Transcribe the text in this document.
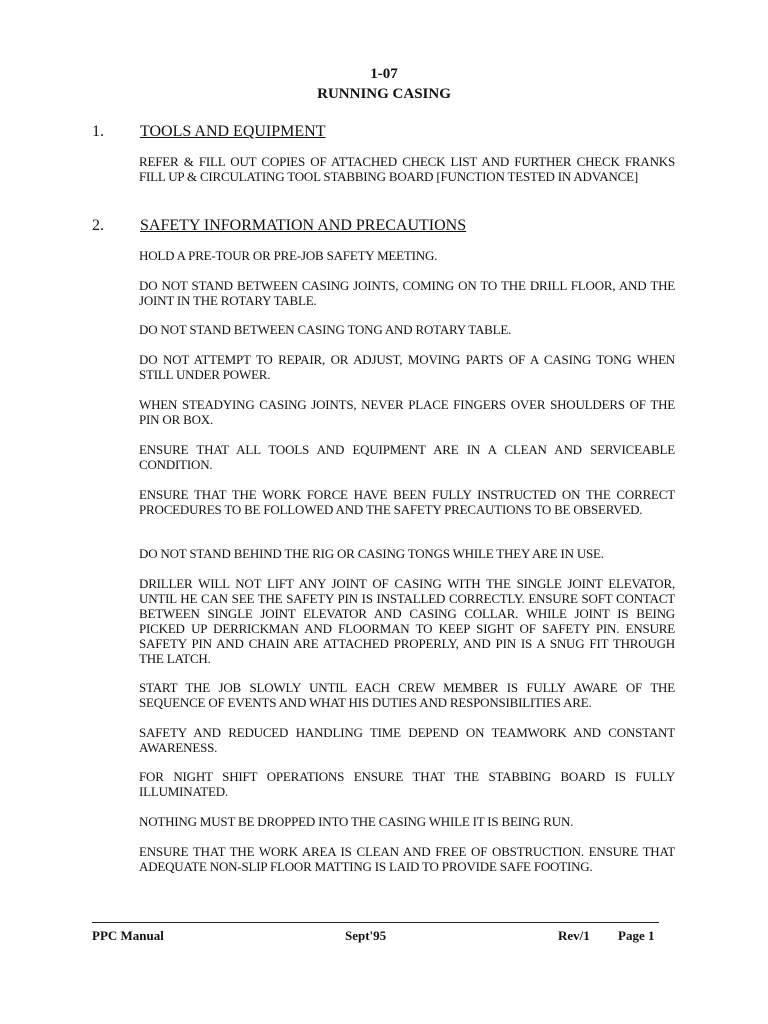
1-07
RUNNING CASING
1. TOOLS AND EQUIPMENT
REFER & FILL OUT COPIES OF ATTACHED CHECK LIST AND FURTHER CHECK FRANKS FILL UP & CIRCULATING TOOL STABBING BOARD [FUNCTION TESTED IN ADVANCE]
2. SAFETY INFORMATION AND PRECAUTIONS
HOLD A PRE-TOUR OR PRE-JOB SAFETY MEETING.
DO NOT STAND BETWEEN CASING JOINTS, COMING ON TO THE DRILL FLOOR, AND THE JOINT IN THE ROTARY TABLE.
DO NOT STAND BETWEEN CASING TONG AND ROTARY TABLE.
DO NOT ATTEMPT TO REPAIR, OR ADJUST, MOVING PARTS OF A CASING TONG WHEN STILL UNDER POWER.
WHEN STEADYING CASING JOINTS, NEVER PLACE FINGERS OVER SHOULDERS OF THE PIN OR BOX.
ENSURE THAT ALL TOOLS AND EQUIPMENT ARE IN A CLEAN AND SERVICEABLE CONDITION.
ENSURE THAT THE WORK FORCE HAVE BEEN FULLY INSTRUCTED ON THE CORRECT PROCEDURES TO BE FOLLOWED AND THE SAFETY PRECAUTIONS TO BE OBSERVED.
DO NOT STAND BEHIND THE RIG OR CASING TONGS WHILE THEY ARE IN USE.
DRILLER WILL NOT LIFT ANY JOINT OF CASING WITH THE SINGLE JOINT ELEVATOR, UNTIL HE CAN SEE THE SAFETY PIN IS INSTALLED CORRECTLY. ENSURE SOFT CONTACT BETWEEN SINGLE JOINT ELEVATOR AND CASING COLLAR. WHILE JOINT IS BEING PICKED UP DERRICKMAN AND FLOORMAN TO KEEP SIGHT OF SAFETY PIN. ENSURE SAFETY PIN AND CHAIN ARE ATTACHED PROPERLY, AND PIN IS A SNUG FIT THROUGH THE LATCH.
START THE JOB SLOWLY UNTIL EACH CREW MEMBER IS FULLY AWARE OF THE SEQUENCE OF EVENTS AND WHAT HIS DUTIES AND RESPONSIBILITIES ARE.
SAFETY AND REDUCED HANDLING TIME DEPEND ON TEAMWORK AND CONSTANT AWARENESS.
FOR NIGHT SHIFT OPERATIONS ENSURE THAT THE STABBING BOARD IS FULLY ILLUMINATED.
NOTHING MUST BE DROPPED INTO THE CASING WHILE IT IS BEING RUN.
ENSURE THAT THE WORK AREA IS CLEAN AND FREE OF OBSTRUCTION. ENSURE THAT ADEQUATE NON-SLIP FLOOR MATTING IS LAID TO PROVIDE SAFE FOOTING.
PPC Manual	Sept'95	Rev/1 Page 1
